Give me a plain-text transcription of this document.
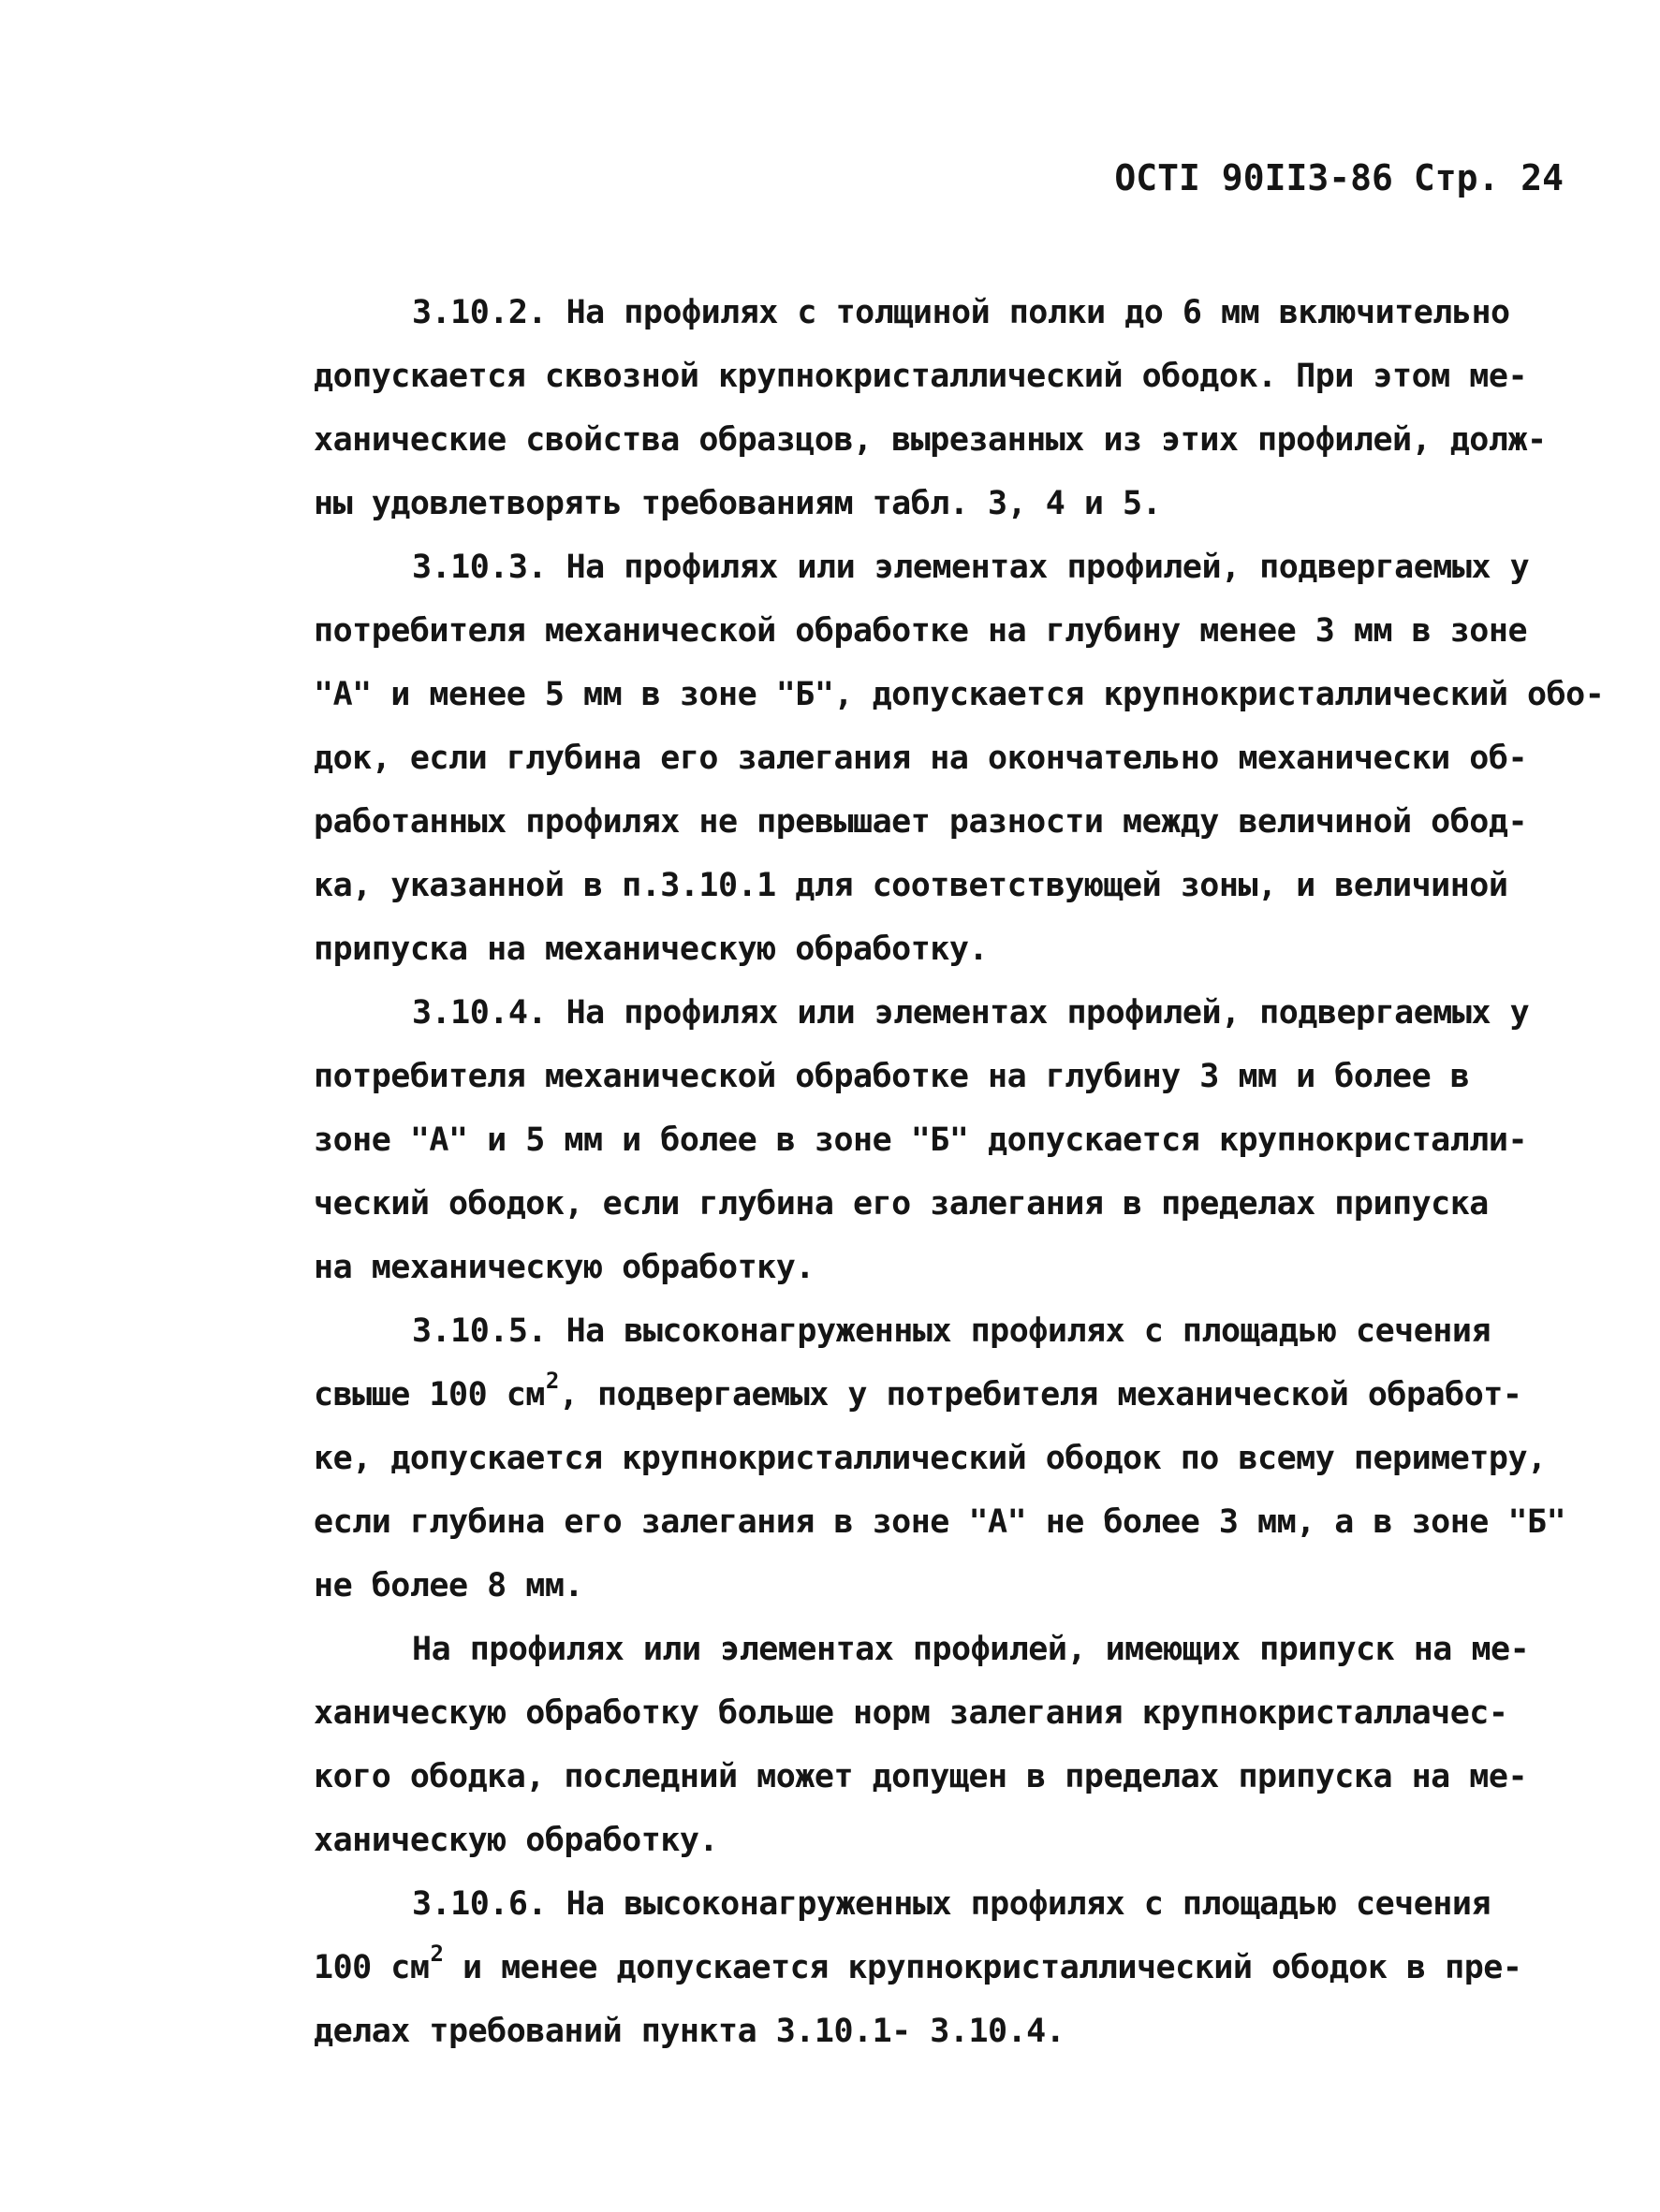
ОСТI 90II3-86 Стр. 24
3.10.2. На профилях с толщиной полки до 6 мм включительно
допускается сквозной крупнокристаллический ободок. При этом ме-
ханические свойства образцов, вырезанных из этих профилей, долж-
ны удовлетворять требованиям табл. 3, 4 и 5.
3.10.3. На профилях или элементах профилей, подвергаемых у
потребителя механической обработке на глубину менее 3 мм в зоне
"А" и менее 5 мм в зоне "Б", допускается крупнокристаллический обо-
док, если глубина его залегания на окончательно механически об-
работанных профилях не превышает разности между величиной обод-
ка, указанной в п.3.10.1 для соответствующей зоны, и величиной
припуска на механическую обработку.
3.10.4. На профилях или элементах профилей, подвергаемых у
потребителя механической обработке на глубину 3 мм и более в
зоне "А" и 5 мм и более в зоне "Б" допускается крупнокристалли-
ческий ободок, если глубина его залегания в пределах припуска
на механическую обработку.
3.10.5. На высоконагруженных профилях с площадью сечения
свыше 100 $см^2$, подвергаемых у потребителя механической обработ-
ке, допускается крупнокристаллический ободок по всему периметру,
если глубина его залегания в зоне "А" не более 3 мм, а в зоне "Б"
не более 8 мм.
На профилях или элементах профилей, имеющих припуск на ме-
ханическую обработку больше норм залегания крупнокристаллачес-
кого ободка, последний может допущен в пределах припуска на ме-
ханическую обработку.
3.10.6. На высоконагруженных профилях с площадью сечения
100 $см^2$ и менее допускается крупнокристаллический ободок в пре-
делах требований пункта 3.10.1- 3.10.4.
